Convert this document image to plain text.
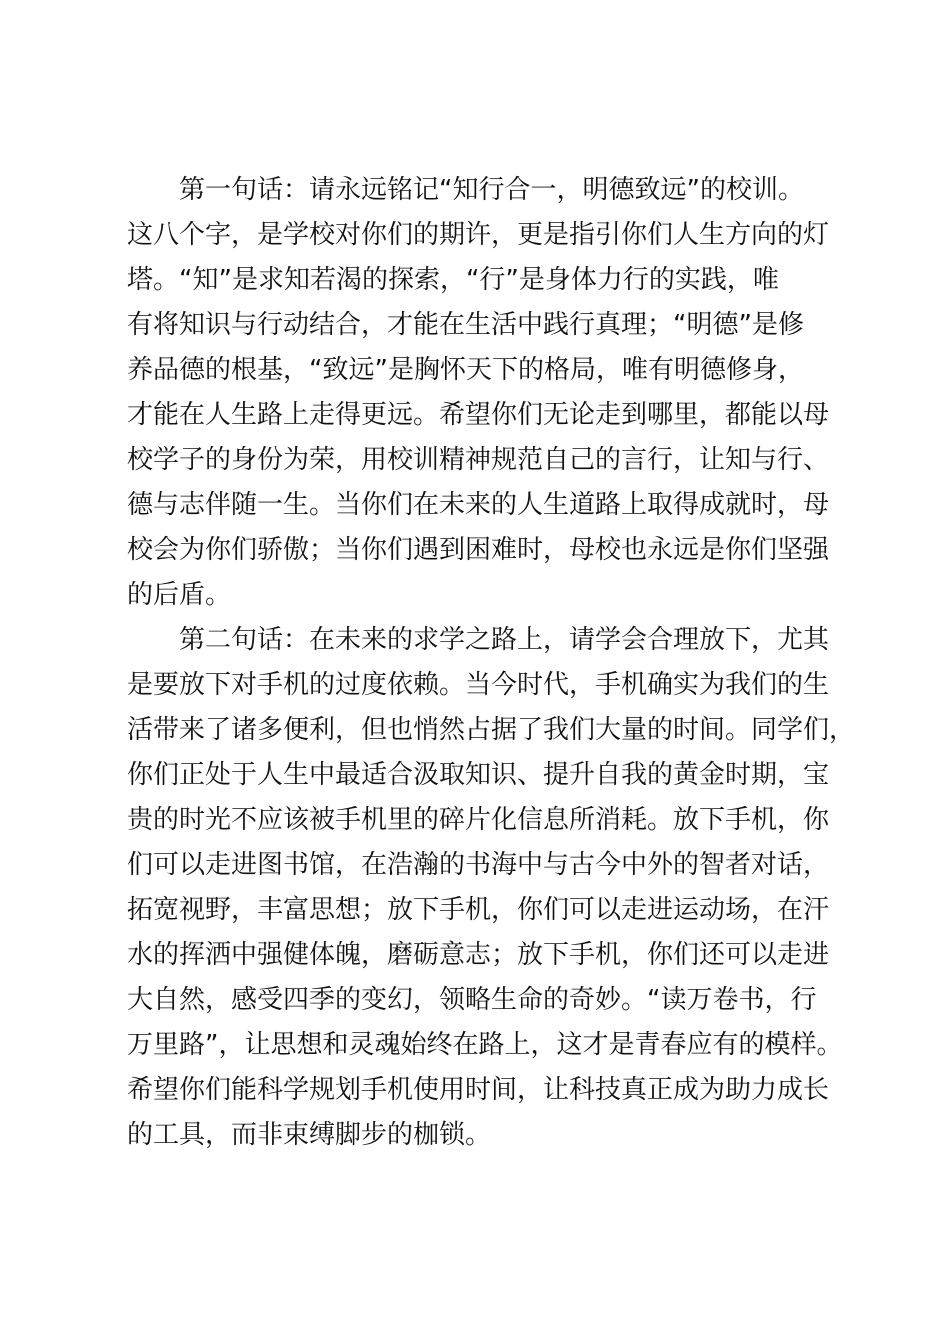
第一句话：请永远铭记“知行合一，明德致远”的校训。
这八个字，是学校对你们的期许，更是指引你们人生方向的灯
塔。“知”是求知若渴的探索，“行”是身体力行的实践，唯
有将知识与行动结合，才能在生活中践行真理；“明德”是修
养品德的根基，“致远”是胸怀天下的格局，唯有明德修身，
才能在人生路上走得更远。希望你们无论走到哪里，都能以母
校学子的身份为荣，用校训精神规范自己的言行，让知与行、
德与志伴随一生。当你们在未来的人生道路上取得成就时，母
校会为你们骄傲；当你们遇到困难时，母校也永远是你们坚强
的后盾。
第二句话：在未来的求学之路上，请学会合理放下，尤其
是要放下对手机的过度依赖。当今时代，手机确实为我们的生
活带来了诸多便利，但也悄然占据了我们大量的时间。同学们，
你们正处于人生中最适合汲取知识、提升自我的黄金时期，宝
贵的时光不应该被手机里的碎片化信息所消耗。放下手机，你
们可以走进图书馆，在浩瀚的书海中与古今中外的智者对话，
拓宽视野，丰富思想；放下手机，你们可以走进运动场，在汗
水的挥洒中强健体魄，磨砺意志；放下手机，你们还可以走进
大自然，感受四季的变幻，领略生命的奇妙。“读万卷书，行
万里路”，让思想和灵魂始终在路上，这才是青春应有的模样。
希望你们能科学规划手机使用时间，让科技真正成为助力成长
的工具，而非束缚脚步的枷锁。
